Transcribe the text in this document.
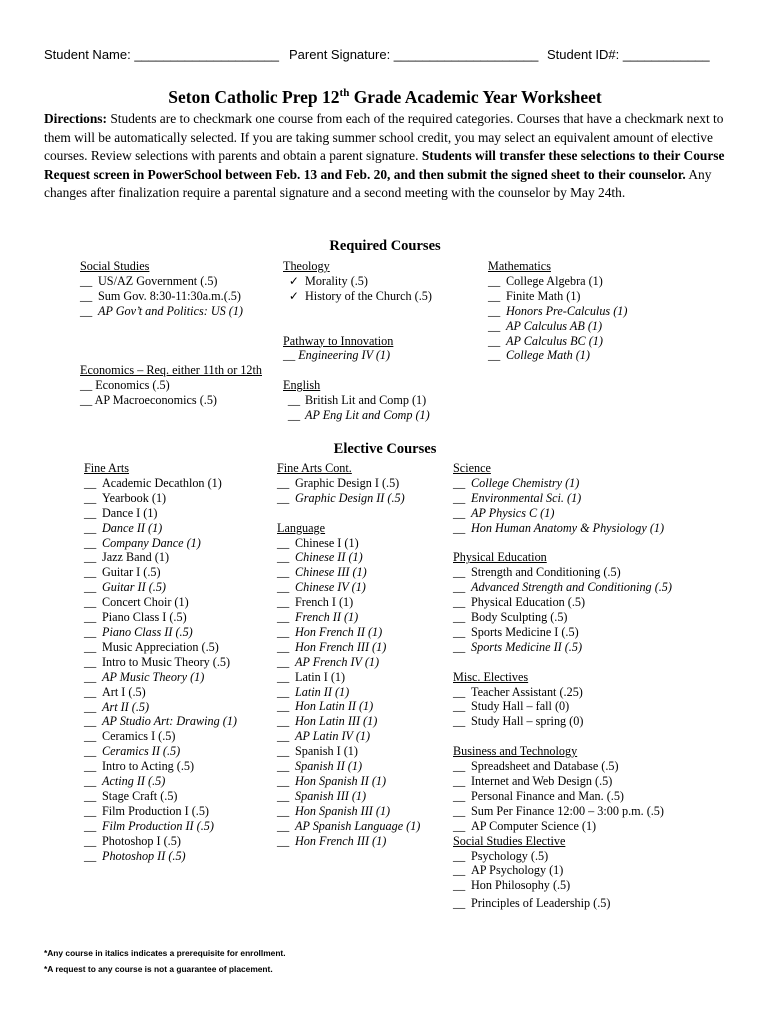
Student Name: ____________________ Parent Signature: ____________________ Student ID#: ____________
Seton Catholic Prep 12th Grade Academic Year Worksheet
Directions: Students are to checkmark one course from each of the required categories. Courses that have a checkmark next to them will be automatically selected. If you are taking summer school credit, you may select an equivalent amount of elective courses. Review selections with parents and obtain a parent signature. Students will transfer these selections to their Course Request screen in PowerSchool between Feb. 13 and Feb. 20, and then submit the signed sheet to their counselor. Any changes after finalization require a parental signature and a second meeting with the counselor by May 24th.
Required Courses
Social Studies
__ US/AZ Government (.5)
__ Sum Gov. 8:30-11:30a.m.(.5)
__ AP Gov’t and Politics: US (1)
Economics – Req. either 11th or 12th
__ Economics (.5)
__ AP Macroeconomics (.5)
Theology
✓ Morality (.5)
✓ History of the Church (.5)
Pathway to Innovation
__ Engineering IV (1)
English
__ British Lit and Comp (1)
__ AP Eng Lit and Comp (1)
Mathematics
__ College Algebra (1)
__ Finite Math (1)
__ Honors Pre-Calculus (1)
__ AP Calculus AB (1)
__ AP Calculus BC (1)
__ College Math (1)
Elective Courses
Fine Arts
__ Academic Decathlon (1)
__ Yearbook (1)
__ Dance I (1)
__ Dance II (1)
__ Company Dance (1)
__ Jazz Band (1)
__ Guitar I (.5)
__ Guitar II (.5)
__ Concert Choir (1)
__ Piano Class I (.5)
__ Piano Class II (.5)
__ Music Appreciation (.5)
__ Intro to Music Theory (.5)
__ AP Music Theory (1)
__ Art I (.5)
__ Art II (.5)
__ AP Studio Art: Drawing (1)
__ Ceramics I (.5)
__ Ceramics II (.5)
__ Intro to Acting (.5)
__ Acting II (.5)
__ Stage Craft (.5)
__ Film Production I (.5)
__ Film Production II (.5)
__ Photoshop I (.5)
__ Photoshop II (.5)
Fine Arts Cont.
__ Graphic Design I (.5)
__ Graphic Design II (.5)
Language
__ Chinese I (1)
__ Chinese II (1)
__ Chinese III (1)
__ Chinese IV (1)
__ French I (1)
__ French II (1)
__ Hon French II (1)
__ Hon French III (1)
__ AP French IV (1)
__ Latin I (1)
__ Latin II (1)
__ Hon Latin II (1)
__ Hon Latin III (1)
__ AP Latin IV (1)
__ Spanish I (1)
__ Spanish II (1)
__ Hon Spanish II (1)
__ Spanish III (1)
__ Hon Spanish III (1)
__ AP Spanish Language (1)
__ Hon French III (1)
Science
__ College Chemistry (1)
__ Environmental Sci. (1)
__ AP Physics C (1)
__ Hon Human Anatomy & Physiology (1)
Physical Education
__ Strength and Conditioning (.5)
__ Advanced Strength and Conditioning (.5)
__ Physical Education (.5)
__ Body Sculpting (.5)
__ Sports Medicine I (.5)
__ Sports Medicine II (.5)
Misc. Electives
__ Teacher Assistant (.25)
__ Study Hall – fall (0)
__ Study Hall – spring (0)
Business and Technology
__ Spreadsheet and Database (.5)
__ Internet and Web Design (.5)
__ Personal Finance and Man. (.5)
__ Sum Per Finance 12:00 – 3:00 p.m. (.5)
__ AP Computer Science (1)
Social Studies Elective
__ Psychology (.5)
__ AP Psychology (1)
__ Hon Philosophy (.5)
__ Principles of Leadership (.5)
*Any course in italics indicates a prerequisite for enrollment.
*A request to any course is not a guarantee of placement.
